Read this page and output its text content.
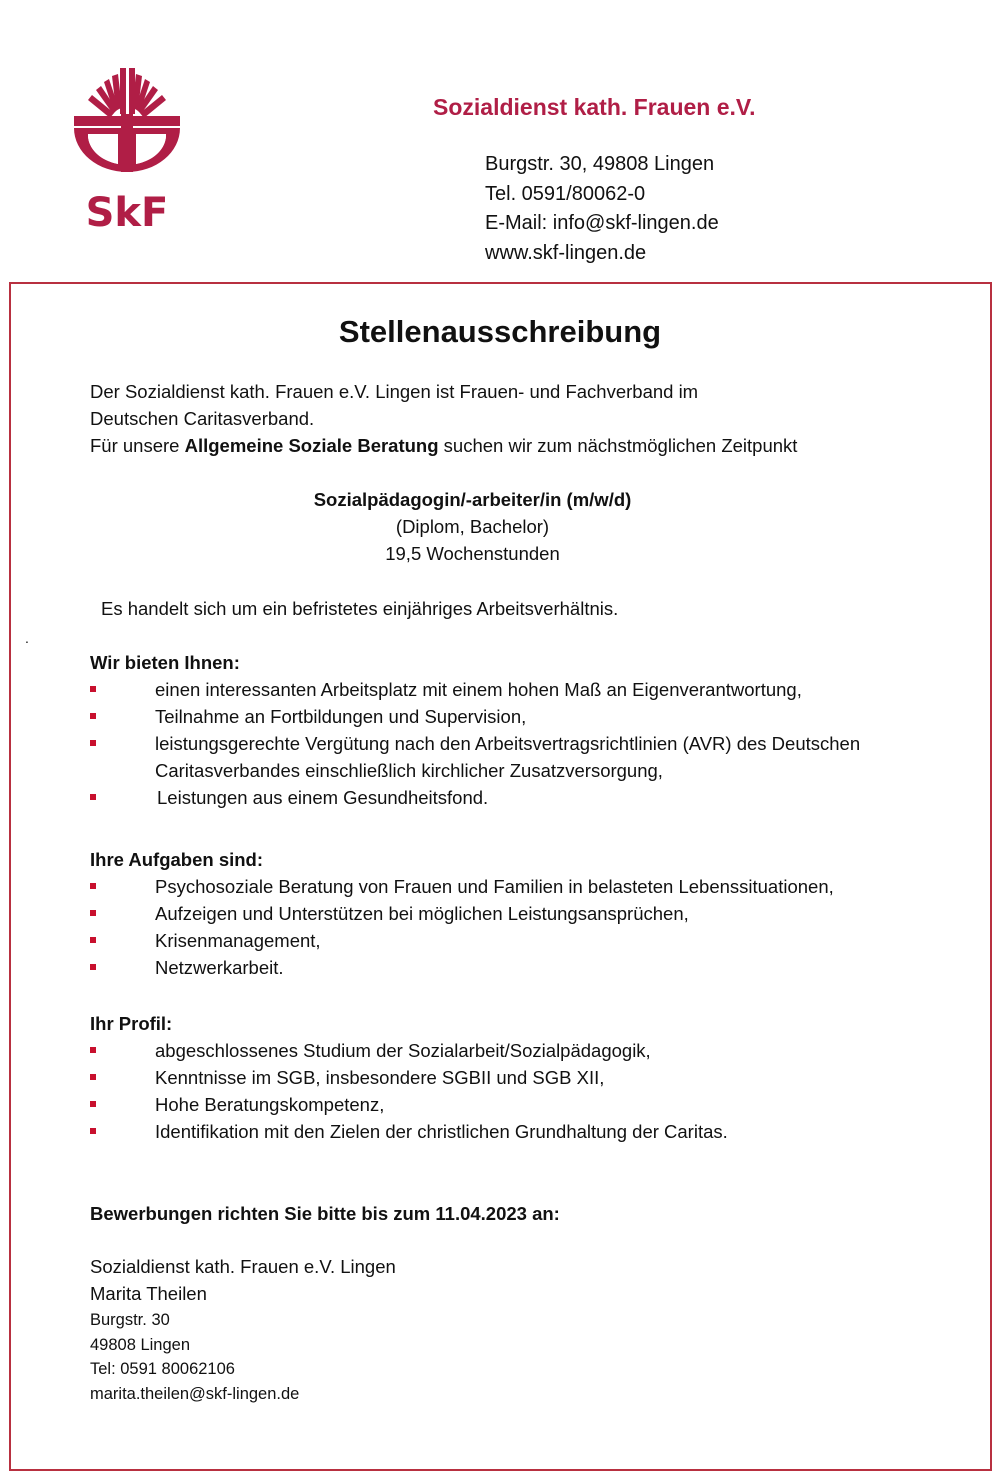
SkF
Sozialdienst kath. Frauen e.V.
Burgstr. 30, 49808 Lingen
Tel. 0591/80062-0
E-Mail: info@skf-lingen.de
www.skf-lingen.de
Stellenausschreibung
Der Sozialdienst kath. Frauen e.V. Lingen ist Frauen- und Fachverband im
Deutschen Caritasverband.
Für unsere Allgemeine Soziale Beratung suchen wir zum nächstmöglichen Zeitpunkt
Sozialpädagogin/-arbeiter/in (m/w/d)
(Diplom, Bachelor)
19,5 Wochenstunden
Es handelt sich um ein befristetes einjähriges Arbeitsverhältnis.
.
Wir bieten Ihnen:
einen interessanten Arbeitsplatz mit einem hohen Maß an Eigenverantwortung,
Teilnahme an Fortbildungen und Supervision,
leistungsgerechte Vergütung nach den Arbeitsvertragsrichtlinien (AVR) des Deutschen
Caritasverbandes einschließlich kirchlicher Zusatzversorgung,
Leistungen aus einem Gesundheitsfond.
Ihre Aufgaben sind:
Psychosoziale Beratung von Frauen und Familien in belasteten Lebenssituationen,
Aufzeigen und Unterstützen bei möglichen Leistungsansprüchen,
Krisenmanagement,
Netzwerkarbeit.
Ihr Profil:
abgeschlossenes Studium der Sozialarbeit/Sozialpädagogik,
Kenntnisse im SGB, insbesondere SGBII und SGB XII,
Hohe Beratungskompetenz,
Identifikation mit den Zielen der christlichen Grundhaltung der Caritas.
Bewerbungen richten Sie bitte bis zum 11.04.2023 an:
Sozialdienst kath. Frauen e.V. Lingen
Marita Theilen
Burgstr. 30
49808 Lingen
Tel: 0591 80062106
marita.theilen@skf-lingen.de
